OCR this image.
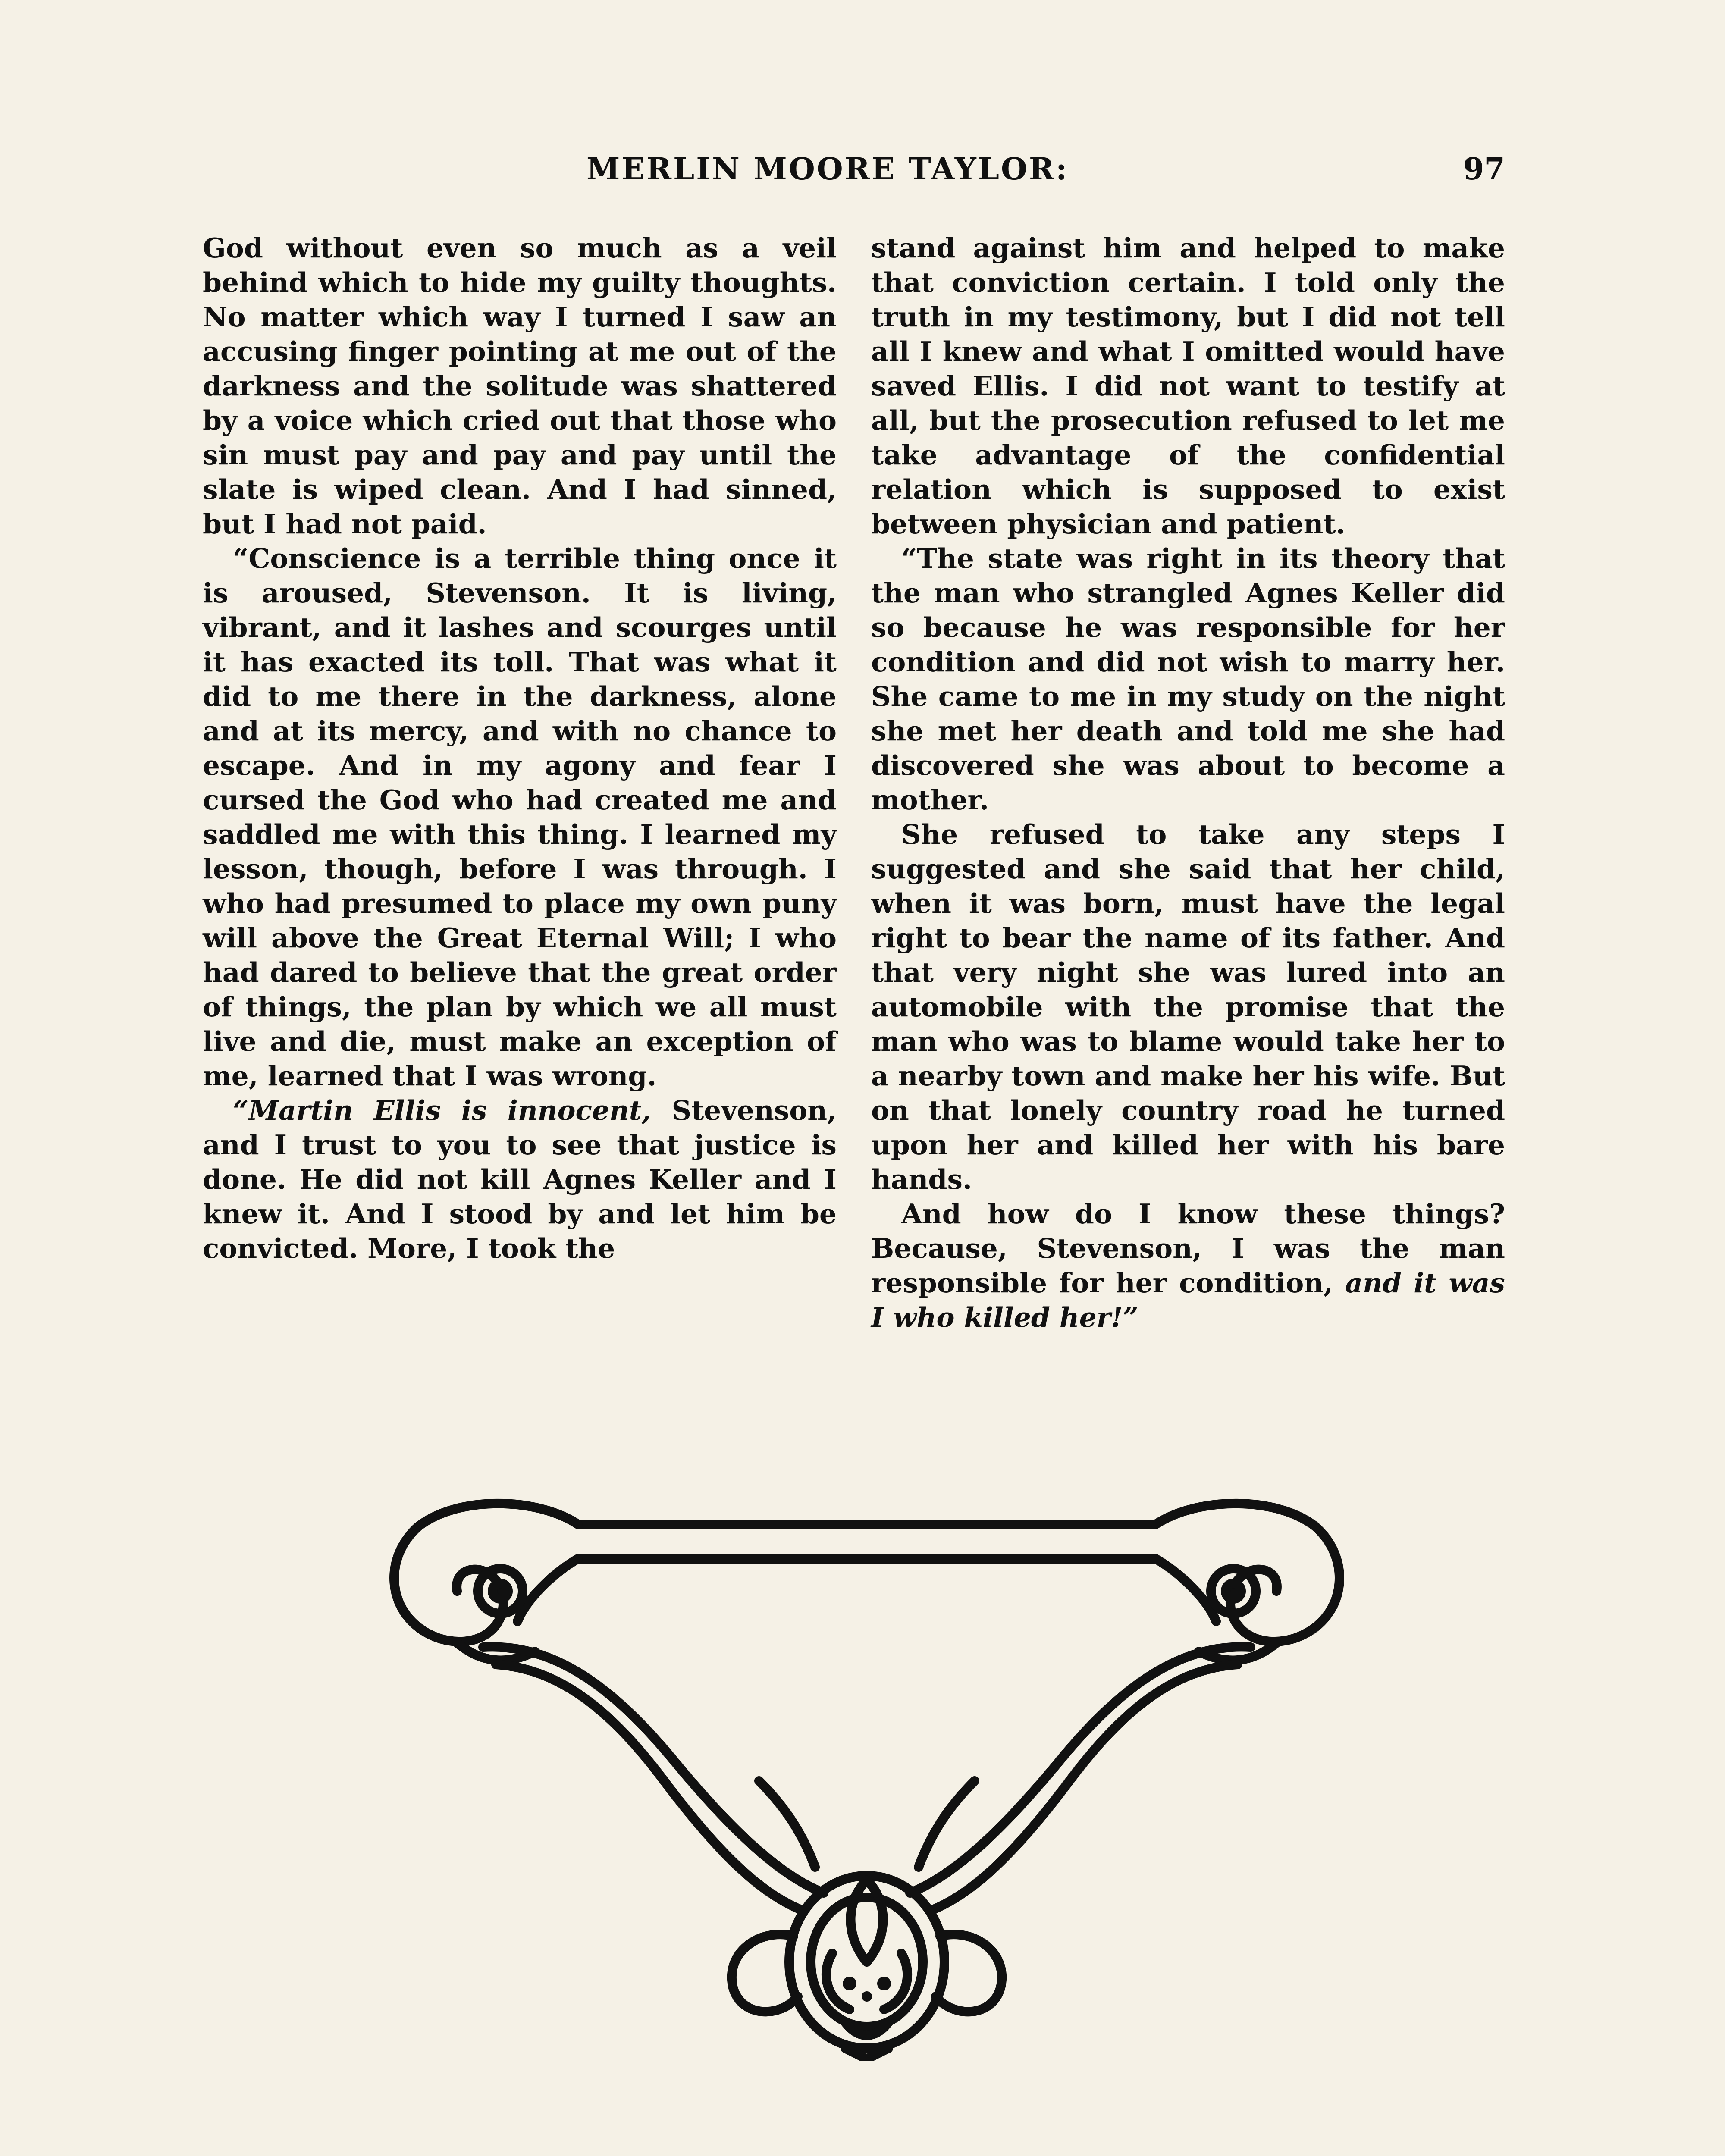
MERLIN MOORE TAYLOR:	97

God without even so much as a veil behind which to hide my guilty thoughts. No matter which way I turned I saw an accusing finger pointing at me out of the darkness and the solitude was shattered by a voice which cried out that those who sin must pay and pay and pay until the slate is wiped clean. And I had sinned, but I had not paid.

“Conscience is a terrible thing once it is aroused, Stevenson. It is living, vibrant, and it lashes and scourges until it has exacted its toll. That was what it did to me there in the darkness, alone and at its mercy, and with no chance to escape. And in my agony and fear I cursed the God who had created me and saddled me with this thing. I learned my lesson, though, before I was through. I who had presumed to place my own puny will above the Great Eternal Will; I who had dared to believe that the great order of things, the plan by which we all must live and die, must make an exception of me, learned that I was wrong.

“Martin Ellis is innocent, Stevenson, and I trust to you to see that justice is done. He did not kill Agnes Keller and I knew it. And I stood by and let him be convicted. More, I took the

stand against him and helped to make that conviction certain. I told only the truth in my testimony, but I did not tell all I knew and what I omitted would have saved Ellis. I did not want to testify at all, but the prosecution refused to let me take advantage of the confidential relation which is supposed to exist between physician and patient.

“The state was right in its theory that the man who strangled Agnes Keller did so because he was responsible for her condition and did not wish to marry her. She came to me in my study on the night she met her death and told me she had discovered she was about to become a mother.

She refused to take any steps I suggested and she said that her child, when it was born, must have the legal right to bear the name of its father. And that very night she was lured into an automobile with the promise that the man who was to blame would take her to a nearby town and make her his wife. But on that lonely country road he turned upon her and killed her with his bare hands.

And how do I know these things? Because, Stevenson, I was the man responsible for her condition, and it was I who killed her!”
